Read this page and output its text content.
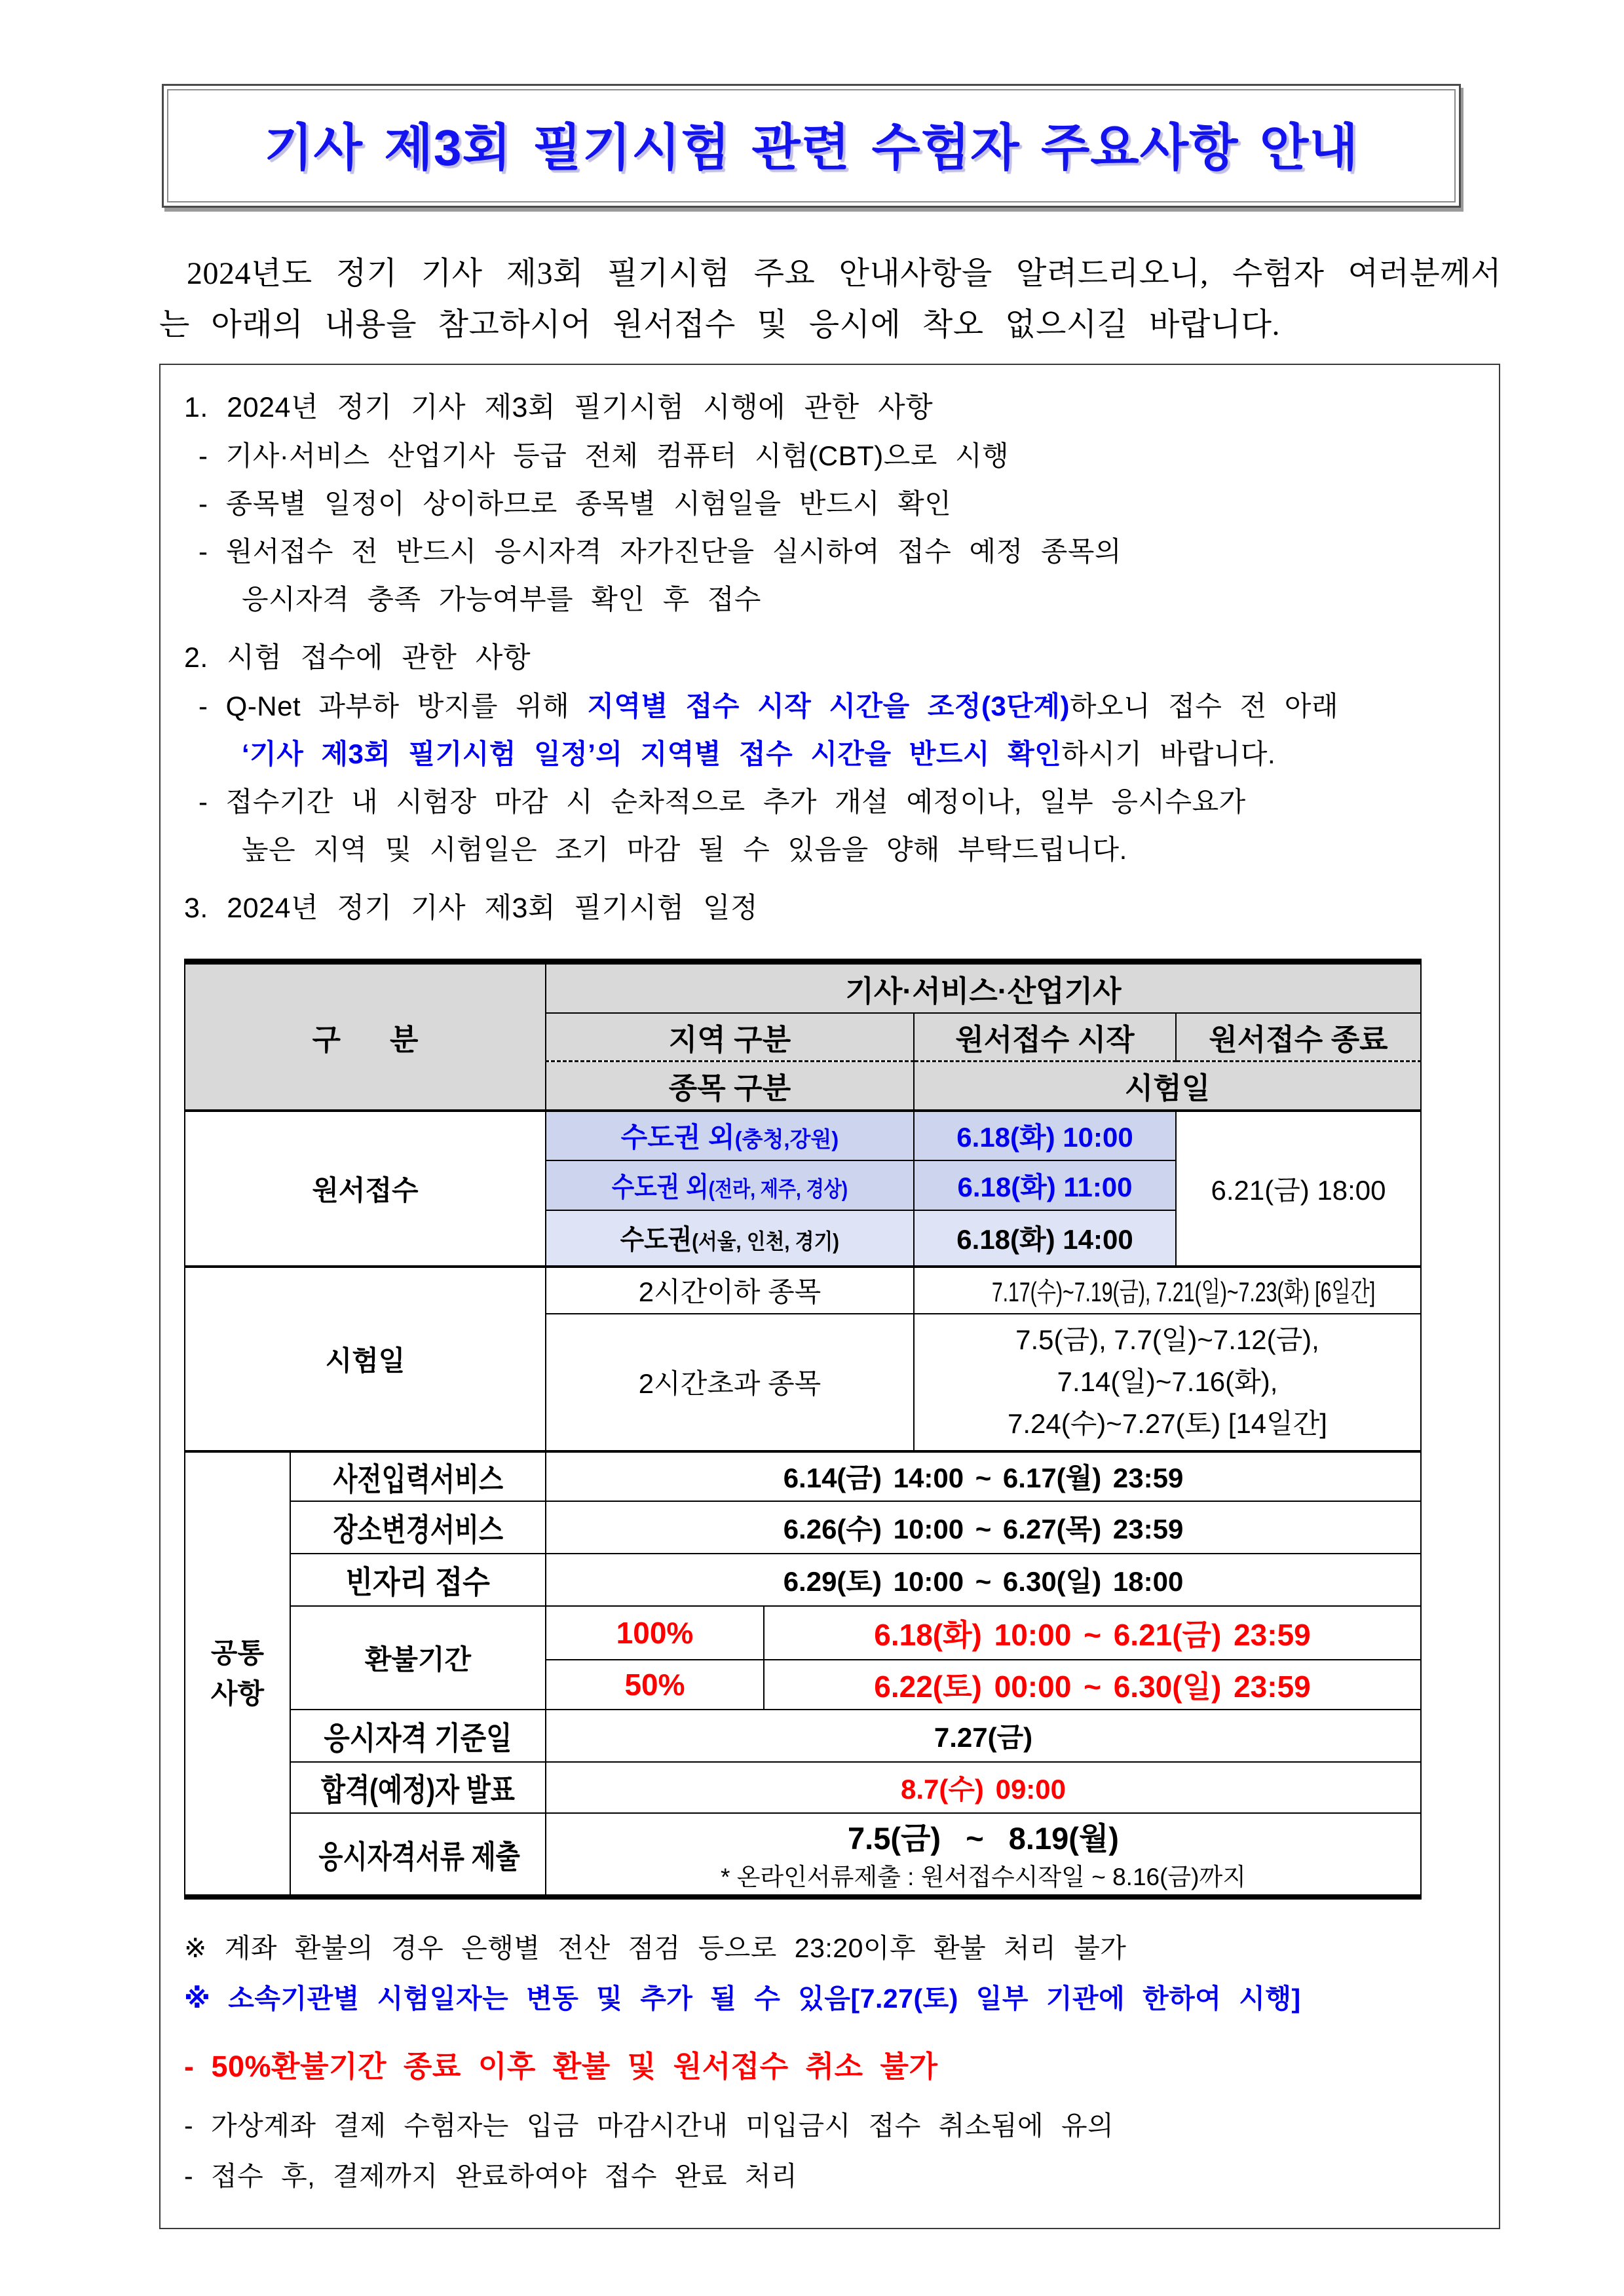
기사 제3회 필기시험 관련 수험자 주요사항 안내

2024년도 정기 기사 제3회 필기시험 주요 안내사항을 알려드리오니, 수험자 여러분께서는 아래의 내용을 참고하시어 원서접수 및 응시에 착오 없으시길 바랍니다.

1. 2024년 정기 기사 제3회 필기시험 시행에 관한 사항
- 기사·서비스 산업기사 등급 전체 컴퓨터 시험(CBT)으로 시행
- 종목별 일정이 상이하므로 종목별 시험일을 반드시 확인
- 원서접수 전 반드시 응시자격 자가진단을 실시하여 접수 예정 종목의
응시자격 충족 가능여부를 확인 후 접수
2. 시험 접수에 관한 사항
- Q-Net 과부하 방지를 위해 지역별 접수 시작 시간을 조정(3단계)하오니 접수 전 아래
‘기사 제3회 필기시험 일정’의 지역별 접수 시간을 반드시 확인하시기 바랍니다.
- 접수기간 내 시험장 마감 시 순차적으로 추가 개설 예정이나, 일부 응시수요가
높은 지역 및 시험일은 조기 마감 될 수 있음을 양해 부탁드립니다.
3. 2024년 정기 기사 제3회 필기시험 일정
구      분		기사·서비스·산업기사		
		지역 구분	원서접수 시작	원서접수 종료
		종목 구분	시험일	
원서접수		수도권 외(충청,강원)	6.18(화) 10:00	6.21(금) 18:00
		수도권 외(전라, 제주, 경상)	6.18(화) 11:00	
		수도권(서울, 인천, 경기)	6.18(화) 14:00	
시험일		2시간이하 종목	7.17(수)~7.19(금), 7.21(일)~7.23(화) [6일간]	
		2시간초과 종목	7.5(금), 7.7(일)~7.12(금),
7.14(일)~7.16(화),
7.24(수)~7.27(토) [14일간]	

공통
사항	사전입력서비스	6.14(금) 14:00 ~ 6.17(월) 23:59		
	장소변경서비스	6.26(수) 10:00 ~ 6.27(목) 23:59		
	빈자리 접수	6.29(토) 10:00 ~ 6.30(일) 18:00		
	환불기간	100% 6.18(화) 10:00 ~ 6.21(금) 23:59		

50% 6.22(토) 00:00 ~ 6.30(일) 23:59		

	응시자격 기준일	7.27(금)		
	합격(예정)자 발표	8.7(수) 09:00		
	응시자격서류 제출	7.5(금)  ~  8.19(월)
* 온라인서류제출 : 원서접수시작일 ~ 8.16(금)까지		
※ 계좌 환불의 경우 은행별 전산 점검 등으로 23:20이후 환불 처리 불가
※ 소속기관별 시험일자는 변동 및 추가 될 수 있음[7.27(토) 일부 기관에 한하여 시행]
- 50%환불기간 종료 이후 환불 및 원서접수 취소 불가
- 가상계좌 결제 수험자는 입금 마감시간내 미입금시 접수 취소됨에 유의
- 접수 후, 결제까지 완료하여야 접수 완료 처리
